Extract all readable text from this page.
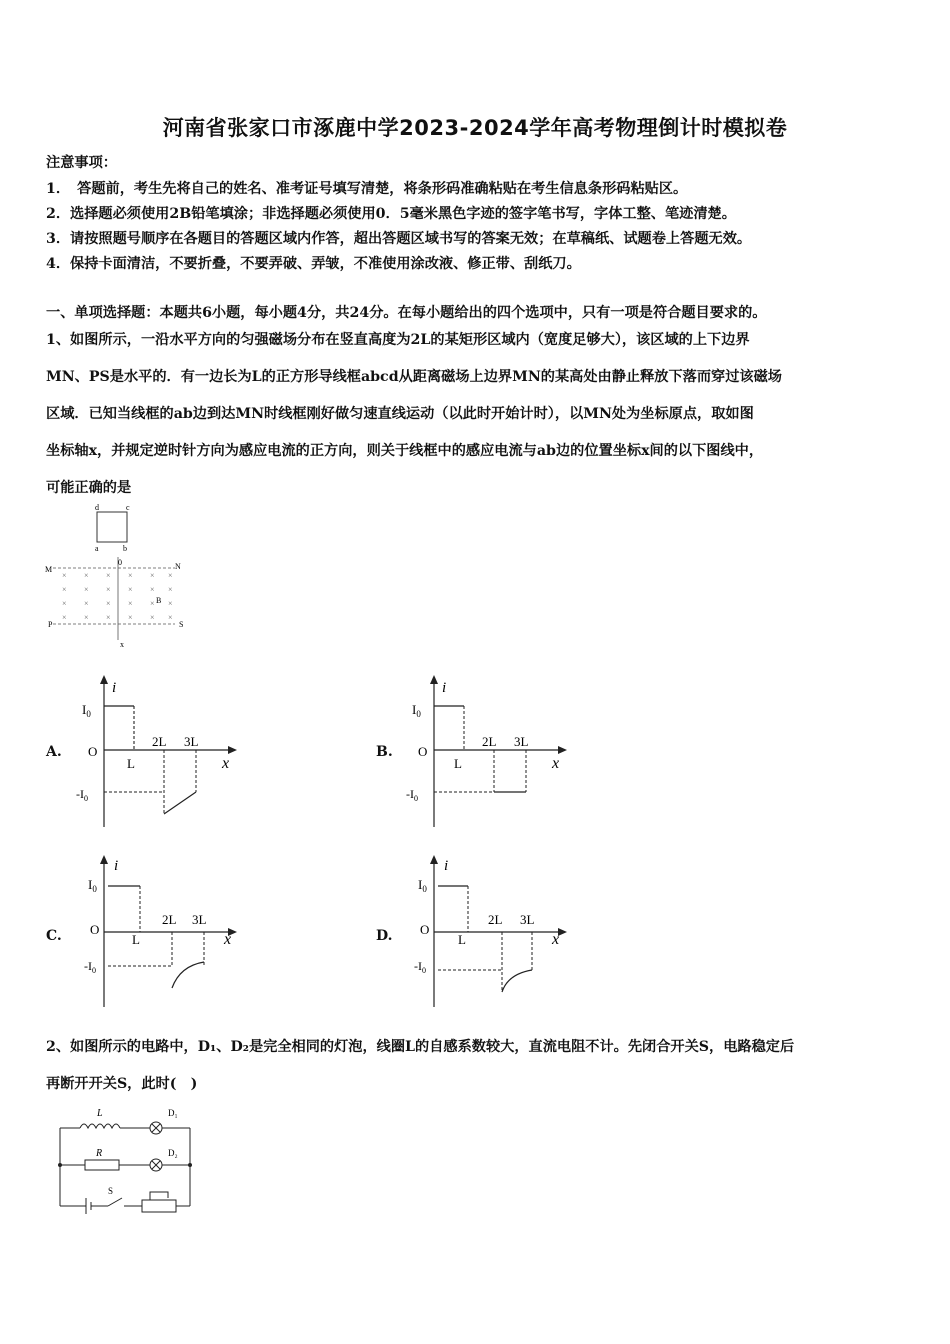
河南省张家口市涿鹿中学2023-2024学年高考物理倒计时模拟卷
注意事项：
1．　答题前，考生先将自己的姓名、准考证号填写清楚，将条形码准确粘贴在考生信息条形码粘贴区。
2．选择题必须使用2B铅笔填涂；非选择题必须使用0．5毫米黑色字迹的签字笔书写，字体工整、笔迹清楚。
3．请按照题号顺序在各题目的答题区域内作答，超出答题区域书写的答案无效；在草稿纸、试题卷上答题无效。
4．保持卡面清洁，不要折叠，不要弄破、弄皱，不准使用涂改液、修正带、刮纸刀。
一、单项选择题：本题共6小题，每小题4分，共24分。在每小题给出的四个选项中，只有一项是符合题目要求的。
1、如图所示，一沿水平方向的匀强磁场分布在竖直高度为2L的某矩形区域内（宽度足够大），该区域的上下边界
MN、PS是水平的．有一边长为L的正方形导线框abcd从距离磁场上边界MN的某高处由静止释放下落而穿过该磁场
区域．已知当线框的ab边到达MN时线框刚好做匀速直线运动（以此时开始计时），以MN处为坐标原点，取如图
坐标轴x，并规定逆时针方向为感应电流的正方向，则关于线框中的感应电流与ab边的位置坐标x间的以下图线中，
可能正确的是
d	c
a	b
M	N
P	S
0
B
x
× × × × × ×
× × × × × ×
× × × × × ×
× × × × × ×
A.
i
$I_0$
O
$-I_0$
L
2L 3L
x
B.
i
$I_0$
O
$-I_0$
L
2L 3L
x
C.
i
$I_0$
O
$-I_0$
L
2L 3L
x	D.
i
$I_0$
O
$-I_0$
L
2L 3L
x
2、如图所示的电路中，D₁、D₂是完全相同的灯泡，线圈L的自感系数较大，直流电阻不计。先闭合开关S，电路稳定后
再断开开关S，此时(　)
L
R
D₁
D₂
S
